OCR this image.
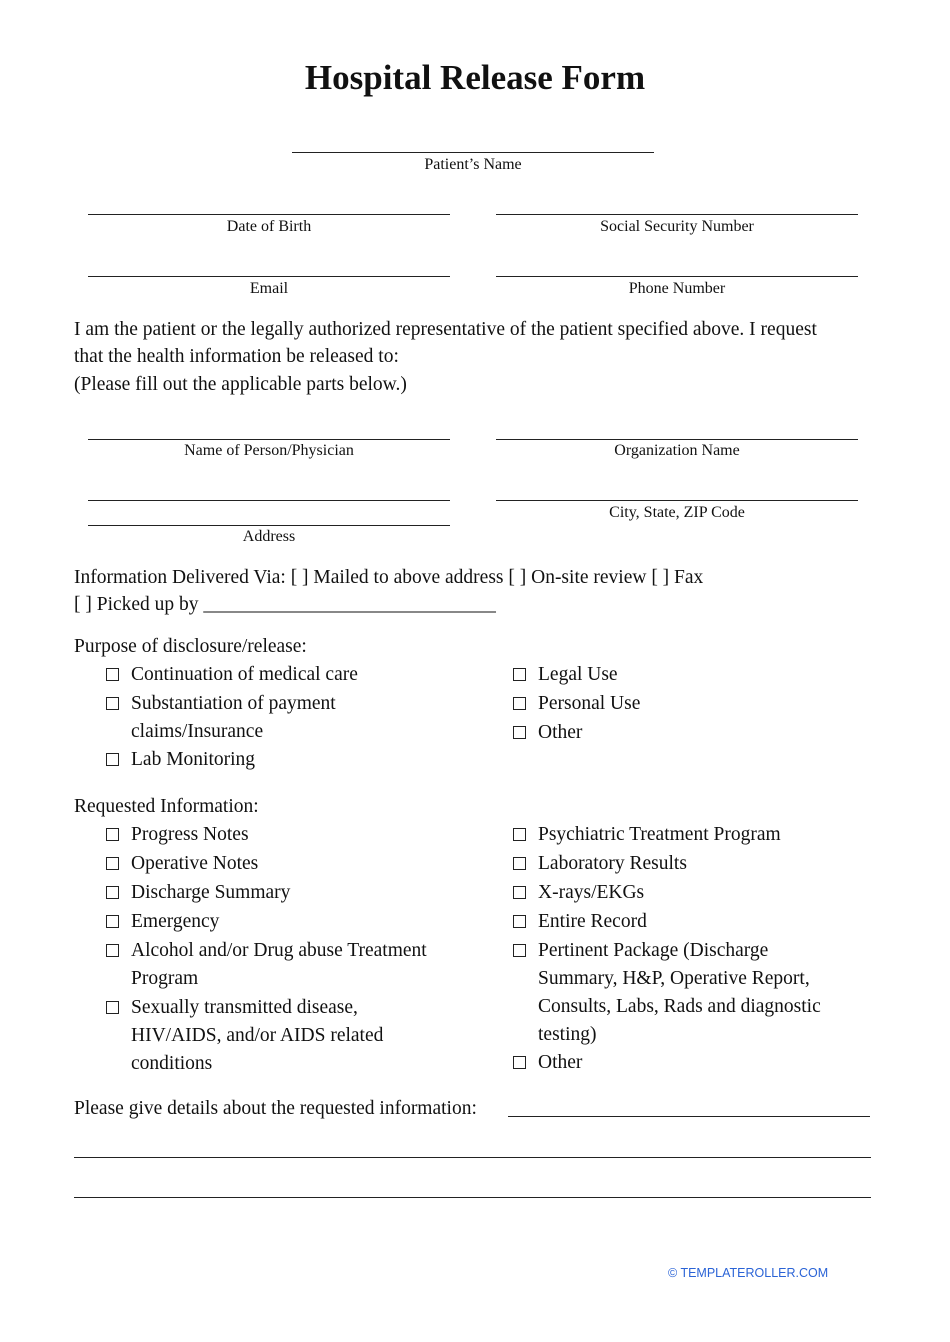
Hospital Release Form
Patient’s Name
Date of Birth	Social Security Number
Email	Phone Number
I am the patient or the legally authorized representative of the patient specified above. I request
that the health information be released to:
(Please fill out the applicable parts below.)
Name of Person/Physician	Organization Name
Address
City, State, ZIP Code
Information Delivered Via: [ ] Mailed to above address [ ] On-site review [ ] Fax
[ ] Picked up by ______________________________
Purpose of disclosure/release:
Continuation of medical care
Substantiation of payment claims/Insurance
Lab Monitoring
Legal Use
Personal Use
Other
Requested Information:
Progress Notes
Operative Notes
Discharge Summary
Emergency
Alcohol and/or Drug abuse Treatment Program
Sexually transmitted disease, HIV/AIDS, and/or AIDS related conditions
Psychiatric Treatment Program
Laboratory Results
X-rays/EKGs
Entire Record
Pertinent Package (Discharge Summary, H&P, Operative Report, Consults, Labs, Rads and diagnostic testing)
Other
Please give details about the requested information:
© TEMPLATEROLLER.COM
